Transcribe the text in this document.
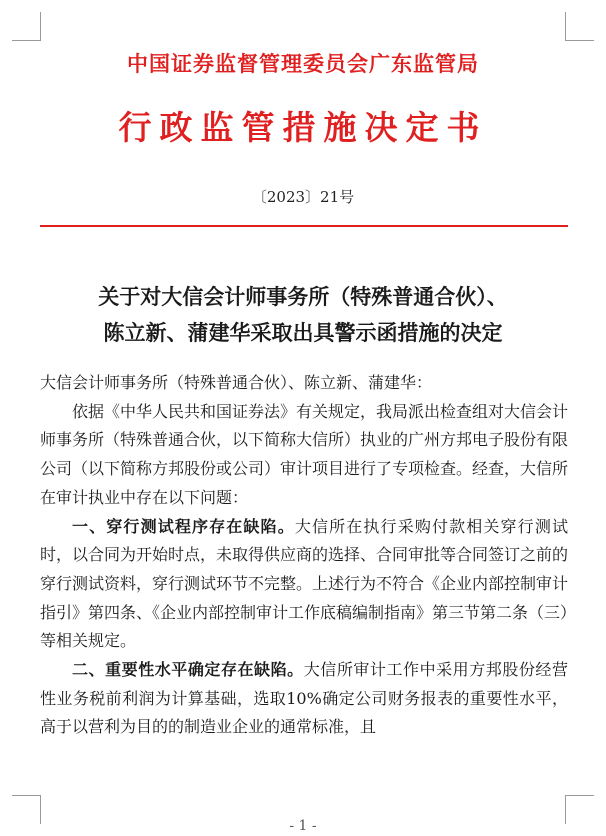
中国证券监督管理委员会广东监管局
行政监管措施决定书
〔2023〕21号
关于对大信会计师事务所（特殊普通合伙）、
陈立新、蒲建华采取出具警示函措施的决定

大信会计师事务所（特殊普通合伙）、陈立新、蒲建华：

依据《中华人民共和国证券法》有关规定，我局派出检查组对大信会计师事务所（特殊普通合伙，以下简称大信所）执业的广州方邦电子股份有限公司（以下简称方邦股份或公司）审计项目进行了专项检查。经查，大信所在审计执业中存在以下问题：

一、穿行测试程序存在缺陷。大信所在执行采购付款相关穿行测试时，以合同为开始时点，未取得供应商的选择、合同审批等合同签订之前的穿行测试资料，穿行测试环节不完整。上述行为不符合《企业内部控制审计指引》第四条、《企业内部控制审计工作底稿编制指南》第三节第二条（三）等相关规定。

二、重要性水平确定存在缺陷。大信所审计工作中采用方邦股份经营性业务税前利润为计算基础，选取10%确定公司财务报表的重要性水平，高于以营利为目的的制造业企业的通常标准，且

- 1 -
